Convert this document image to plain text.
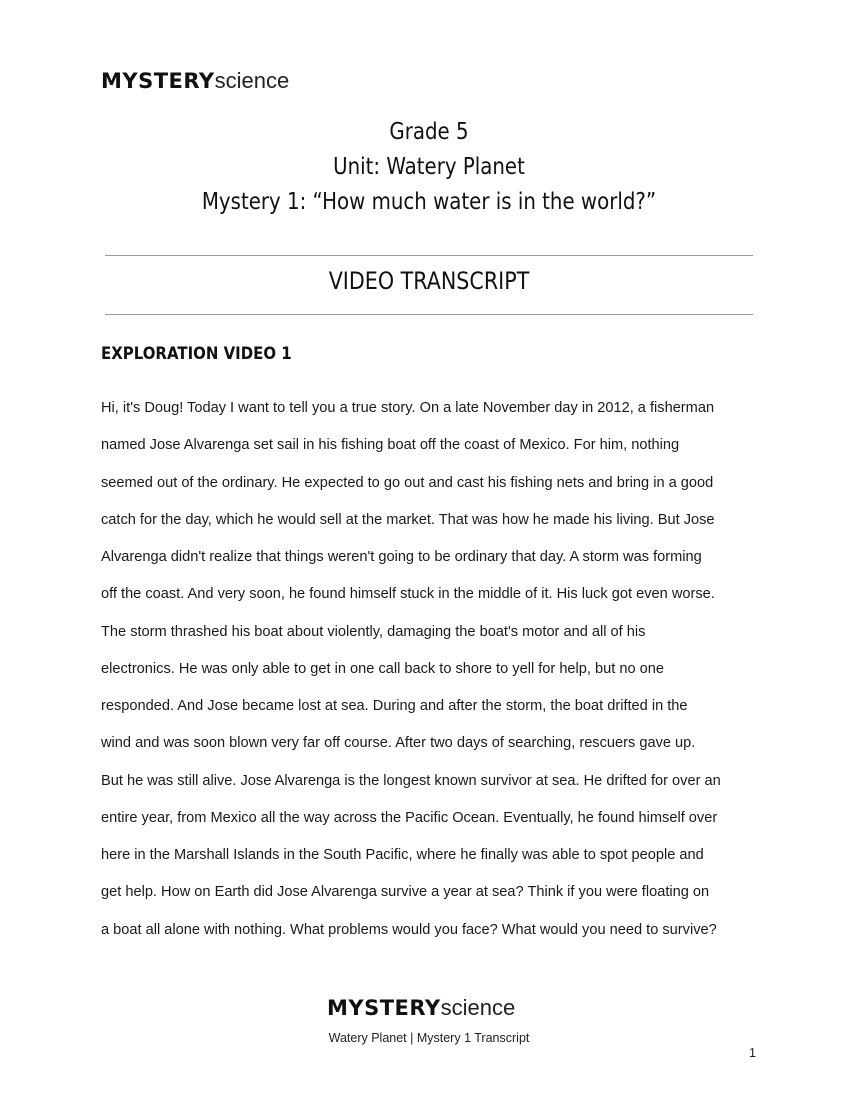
MYSTERYscience
Grade 5
Unit: Watery Planet
Mystery 1: “How much water is in the world?”
VIDEO TRANSCRIPT
EXPLORATION VIDEO 1
Hi, it's Doug! Today I want to tell you a true story. On a late November day in 2012, a fisherman
named Jose Alvarenga set sail in his fishing boat off the coast of Mexico. For him, nothing
seemed out of the ordinary. He expected to go out and cast his fishing nets and bring in a good
catch for the day, which he would sell at the market. That was how he made his living. But Jose
Alvarenga didn't realize that things weren't going to be ordinary that day. A storm was forming
off the coast. And very soon, he found himself stuck in the middle of it. His luck got even worse.
The storm thrashed his boat about violently, damaging the boat's motor and all of his
electronics. He was only able to get in one call back to shore to yell for help, but no one
responded. And Jose became lost at sea. During and after the storm, the boat drifted in the
wind and was soon blown very far off course. After two days of searching, rescuers gave up.
But he was still alive. Jose Alvarenga is the longest known survivor at sea. He drifted for over an
entire year, from Mexico all the way across the Pacific Ocean. Eventually, he found himself over
here in the Marshall Islands in the South Pacific, where he finally was able to spot people and
get help. How on Earth did Jose Alvarenga survive a year at sea? Think if you were floating on
a boat all alone with nothing. What problems would you face? What would you need to survive?
MYSTERYscience
Watery Planet | Mystery 1 Transcript
1
